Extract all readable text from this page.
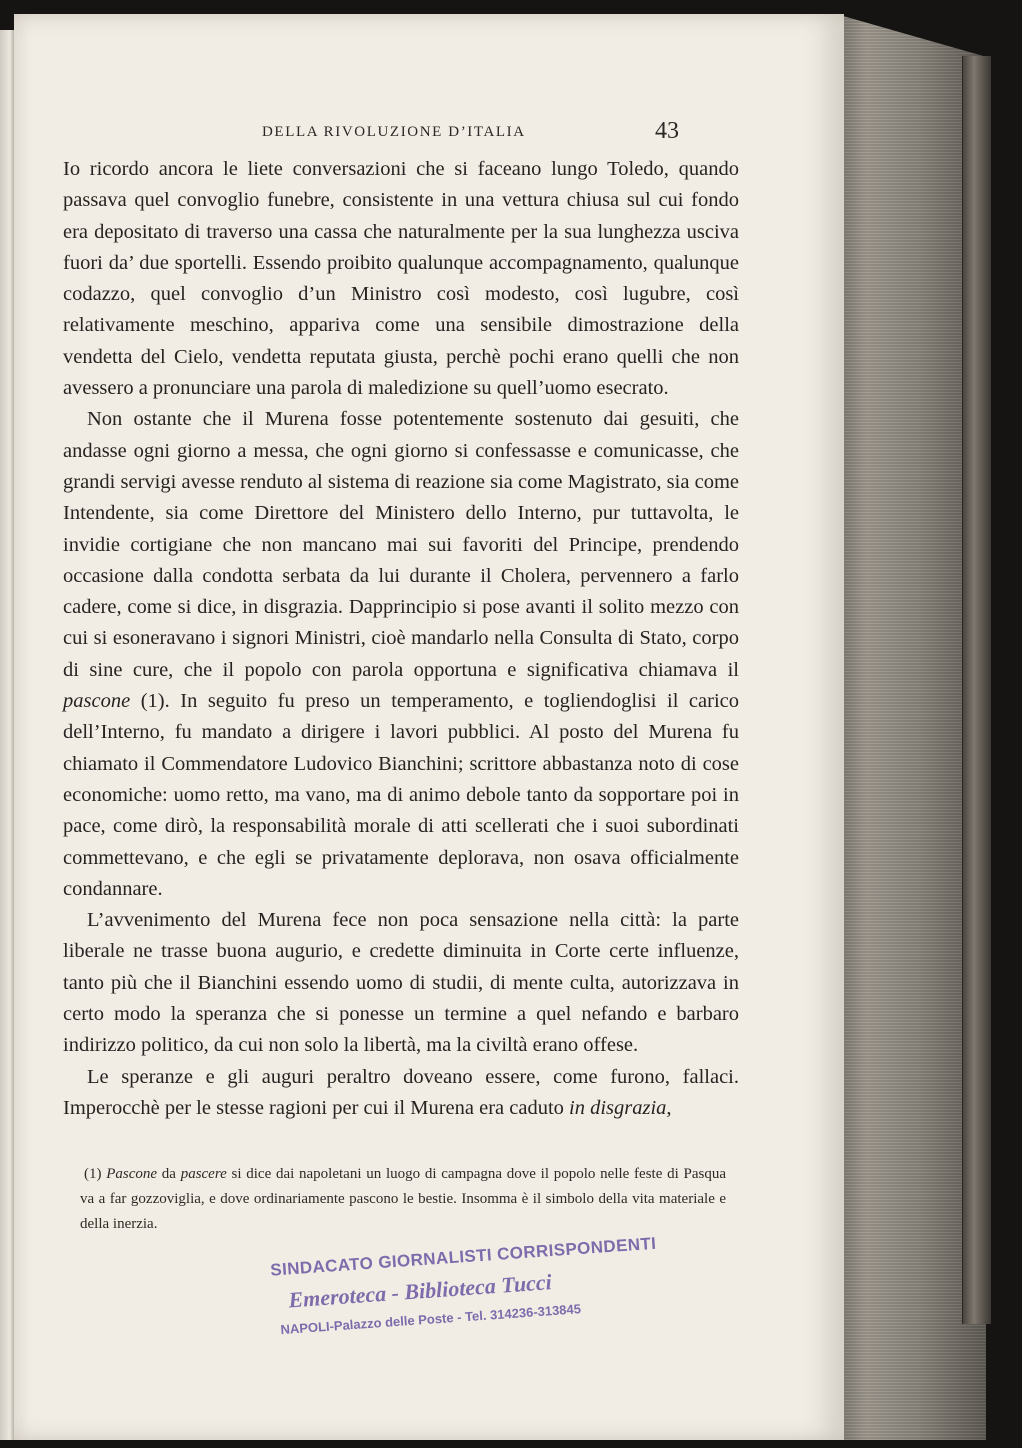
DELLA RIVOLUZIONE D’ITALIA	43

Io ricordo ancora le liete conversazioni che si faceano lungo Toledo, quando passava quel convoglio funebre, consistente in una vettura chiusa sul cui fondo era depositato di traverso una cassa che naturalmente per la sua lunghezza usciva fuori da’ due sportelli. Essendo proibito qualunque accompagnamento, qualunque codazzo, quel convoglio d’un Ministro così modesto, così lugubre, così relativamente meschino, appariva come una sensibile dimostrazione della vendetta del Cielo, vendetta reputata giusta, perchè pochi erano quelli che non avessero a pronunciare una parola di maledizione su quell’uomo esecrato.

Non ostante che il Murena fosse potentemente sostenuto dai gesuiti, che andasse ogni giorno a messa, che ogni giorno si confessasse e comunicasse, che grandi servigi avesse renduto al sistema di reazione sia come Magistrato, sia come Intendente, sia come Direttore del Ministero dello Interno, pur tuttavolta, le invidie cortigiane che non mancano mai sui favoriti del Principe, prendendo occasione dalla condotta serbata da lui durante il Cholera, pervennero a farlo cadere, come si dice, in disgrazia. Dapprincipio si pose avanti il solito mezzo con cui si esoneravano i signori Ministri, cioè mandarlo nella Consulta di Stato, corpo di sine cure, che il popolo con parola opportuna e significativa chiamava il pascone (1). In seguito fu preso un temperamento, e togliendoglisi il carico dell’Interno, fu mandato a dirigere i lavori pubblici. Al posto del Murena fu chiamato il Commendatore Ludovico Bianchini; scrittore abbastanza noto di cose economiche: uomo retto, ma vano, ma di animo debole tanto da sopportare poi in pace, come dirò, la responsabilità morale di atti scellerati che i suoi subordinati commettevano, e che egli se privatamente deplorava, non osava officialmente condannare.

L’avvenimento del Murena fece non poca sensazione nella città: la parte liberale ne trasse buona augurio, e credette diminuita in Corte certe influenze, tanto più che il Bianchini essendo uomo di studii, di mente culta, autorizzava in certo modo la speranza che si ponesse un termine a quel nefando e barbaro indirizzo politico, da cui non solo la libertà, ma la civiltà erano offese.

Le speranze e gli auguri peraltro doveano essere, come furono, fallaci. Imperocchè per le stesse ragioni per cui il Murena era caduto in disgrazia,

(1) Pascone da pascere si dice dai napoletani un luogo di campagna dove il popolo nelle feste di Pasqua va a far gozzoviglia, e dove ordinariamente pascono le bestie. Insomma è il simbolo della vita materiale e della inerzia.
SINDACATO GIORNALISTI CORRISPONDENTI
Emeroteca - Biblioteca Tucci
NAPOLI-Palazzo delle Poste - Tel. 314236-313845
